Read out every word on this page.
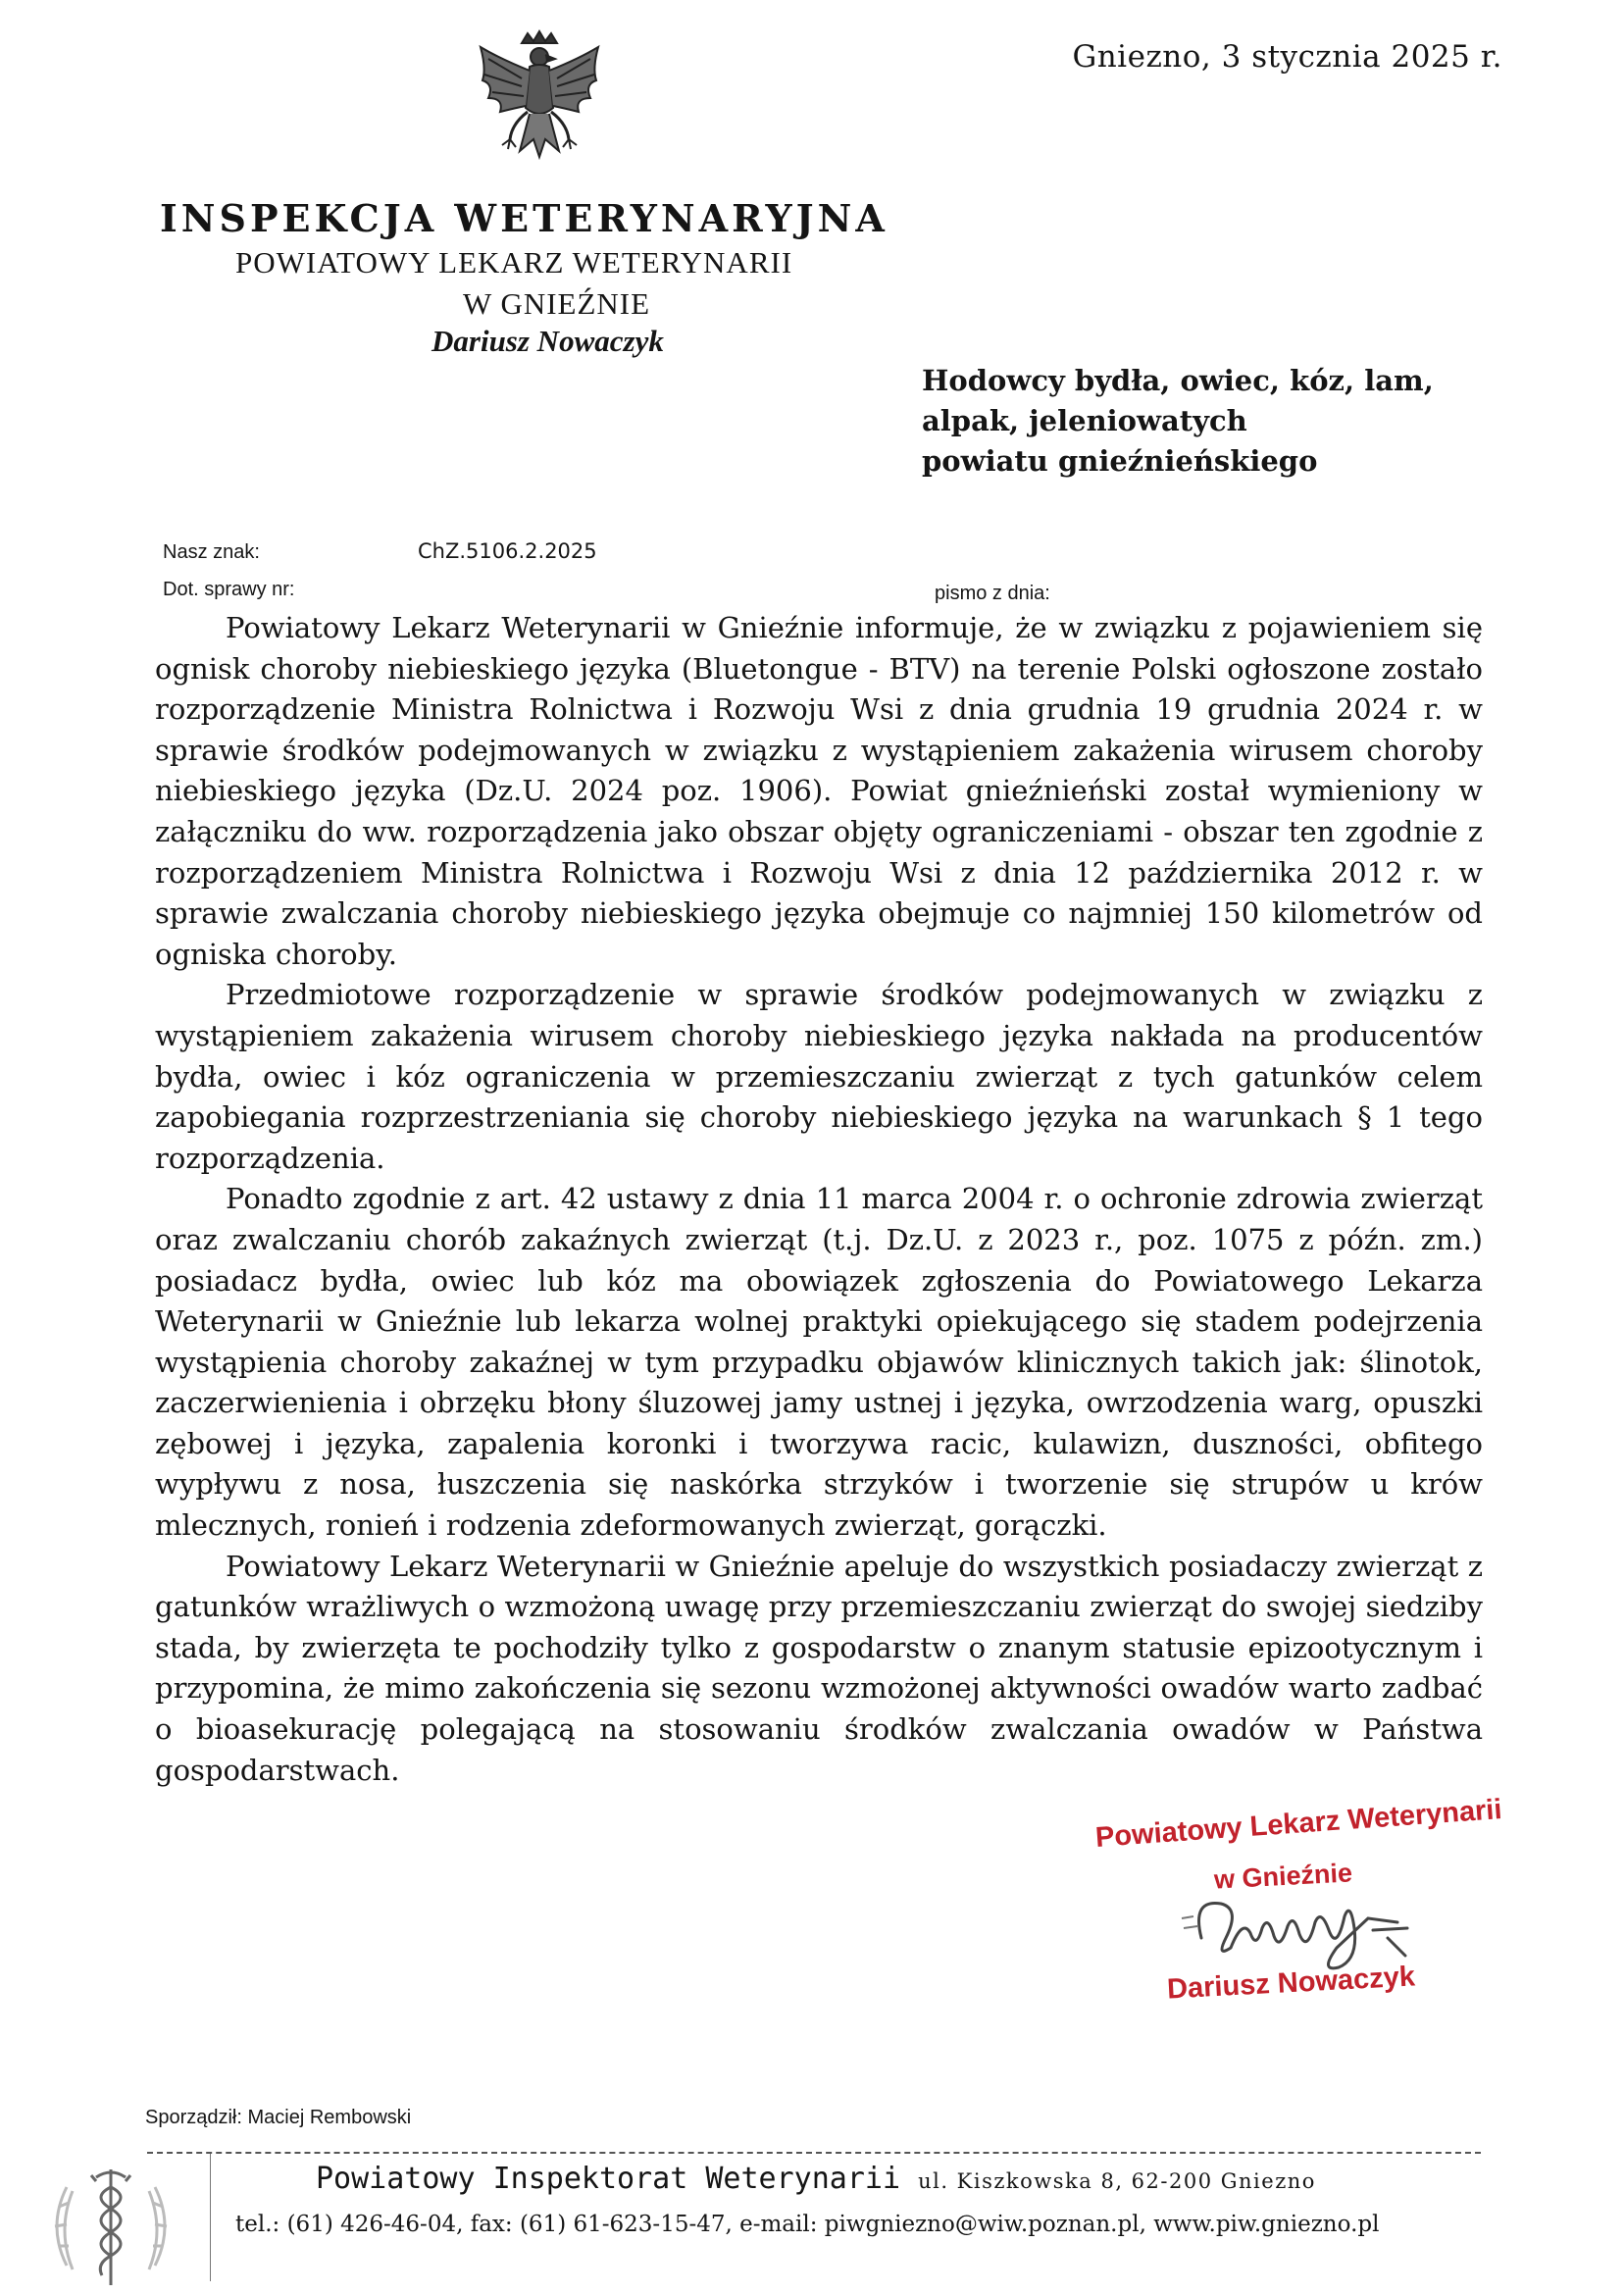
Gniezno, 3 stycznia 2025 r.
INSPEKCJA WETERYNARYJNA
POWIATOWY LEKARZ WETERYNARII
W GNIEŹNIE
Dariusz Nowaczyk
Hodowcy bydła, owiec, kóz, lam,
alpak, jeleniowatych
powiatu gnieźnieńskiego
Nasz znak:	ChZ.5106.2.2025
Dot. sprawy nr:	pismo z dnia:

Powiatowy Lekarz Weterynarii w Gnieźnie informuje, że w związku z pojawieniem się ognisk choroby niebieskiego języka (Bluetongue - BTV) na terenie Polski ogłoszone zostało rozporządzenie Ministra Rolnictwa i Rozwoju Wsi z dnia grudnia 19 grudnia 2024 r. w sprawie środków podejmowanych w związku z wystąpieniem zakażenia wirusem choroby niebieskiego języka (Dz.U. 2024 poz. 1906). Powiat gnieźnieński został wymieniony w załączniku do ww. rozporządzenia jako obszar objęty ograniczeniami - obszar ten zgodnie z rozporządzeniem Ministra Rolnictwa i Rozwoju Wsi z dnia 12 października 2012 r. w sprawie zwalczania choroby niebieskiego języka obejmuje co najmniej 150 kilometrów od ogniska choroby.

Przedmiotowe rozporządzenie w sprawie środków podejmowanych w związku z wystąpieniem zakażenia wirusem choroby niebieskiego języka nakłada na producentów bydła, owiec i kóz ograniczenia w przemieszczaniu zwierząt z tych gatunków celem zapobiegania rozprzestrzeniania się choroby niebieskiego języka na warunkach § 1 tego rozporządzenia.

Ponadto zgodnie z art. 42 ustawy z dnia 11 marca 2004 r. o ochronie zdrowia zwierząt oraz zwalczaniu chorób zakaźnych zwierząt (t.j. Dz.U. z 2023 r., poz. 1075 z późn. zm.) posiadacz bydła, owiec lub kóz ma obowiązek zgłoszenia do Powiatowego Lekarza Weterynarii w Gnieźnie lub lekarza wolnej praktyki opiekującego się stadem podejrzenia wystąpienia choroby zakaźnej w tym przypadku objawów klinicznych takich jak: ślinotok, zaczerwienienia i obrzęku błony śluzowej jamy ustnej i języka, owrzodzenia warg, opuszki zębowej i języka, zapalenia koronki i tworzywa racic, kulawizn, duszności, obfitego wypływu z nosa, łuszczenia się naskórka strzyków i tworzenie się strupów u krów mlecznych, ronień i rodzenia zdeformowanych zwierząt, gorączki.

Powiatowy Lekarz Weterynarii w Gnieźnie apeluje do wszystkich posiadaczy zwierząt z gatunków wrażliwych o wzmożoną uwagę przy przemieszczaniu zwierząt do swojej siedziby stada, by zwierzęta te pochodziły tylko z gospodarstw o znanym statusie epizootycznym i przypomina, że mimo zakończenia się sezonu wzmożonej aktywności owadów warto zadbać o bioasekurację polegającą na stosowaniu środków zwalczania owadów w Państwa gospodarstwach.

Powiatowy Lekarz Weterynarii
w Gnieźnie
Dariusz Nowaczyk
Sporządził: Maciej Rembowski
Powiatowy Inspektorat Weterynarii ul. Kiszkowska 8, 62-200 Gniezno
tel.: (61) 426-46-04, fax: (61) 61-623-15-47, e-mail: piwgniezno@wiw.poznan.pl, www.piw.gniezno.pl
